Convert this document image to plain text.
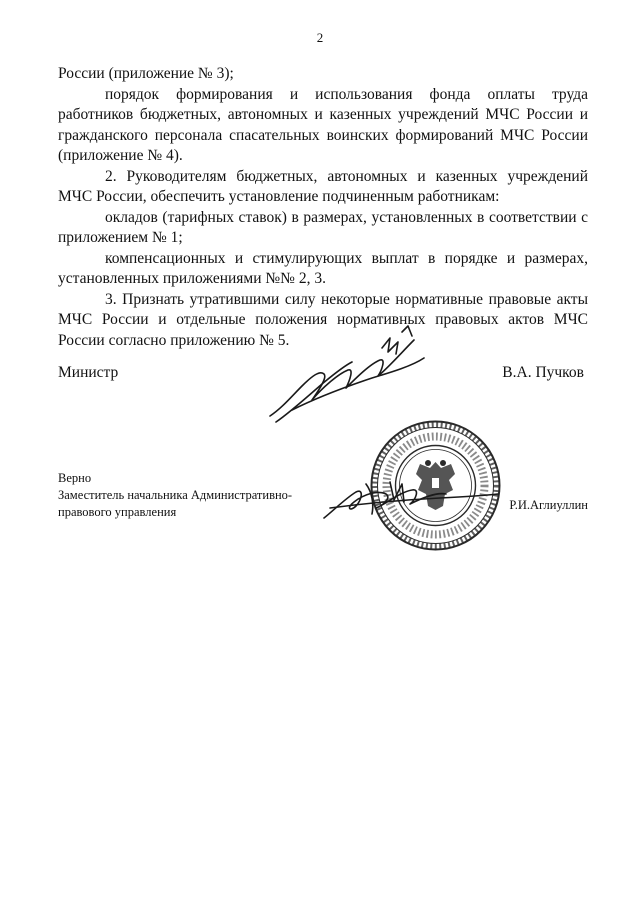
2

России (приложение № 3);

порядок формирования и использования фонда оплаты труда работников бюджетных, автономных и казенных учреждений МЧС России и гражданского персонала спасательных воинских формирований МЧС России (приложение № 4).

2. Руководителям бюджетных, автономных и казенных учреждений МЧС России, обеспечить установление подчиненным работникам:

окладов (тарифных ставок) в размерах, установленных в соответствии с приложением № 1;

компенсационных и стимулирующих выплат в порядке и размерах, установленных приложениями №№ 2, 3.

3. Признать утратившими силу некоторые нормативные правовые акты МЧС России и отдельные положения нормативных правовых актов МЧС России согласно приложению № 5.

Министр	В.А. Пучков
Верно
Заместитель начальника Административно-
правового управления	Р.И.Аглиуллин
